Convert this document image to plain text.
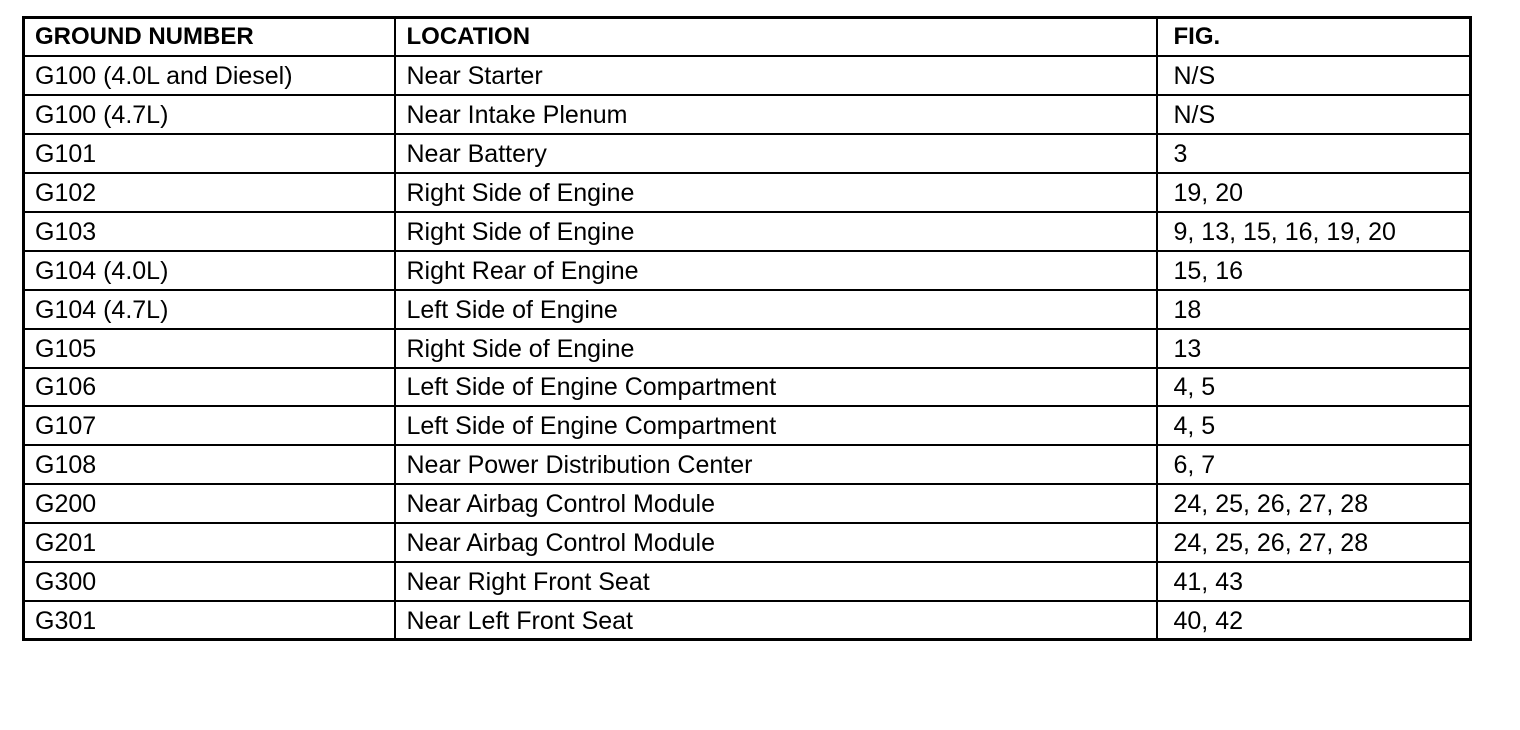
GROUND NUMBER	LOCATION	FIG.
G100 (4.0L and Diesel)	Near Starter	N/S
G100 (4.7L)	Near Intake Plenum	N/S
G101	Near Battery	3
G102	Right Side of Engine	19, 20
G103	Right Side of Engine	9, 13, 15, 16, 19, 20
G104 (4.0L)	Right Rear of Engine	15, 16
G104 (4.7L)	Left Side of Engine	18
G105	Right Side of Engine	13
G106	Left Side of Engine Compartment	4, 5
G107	Left Side of Engine Compartment	4, 5
G108	Near Power Distribution Center	6, 7
G200	Near Airbag Control Module	24, 25, 26, 27, 28
G201	Near Airbag Control Module	24, 25, 26, 27, 28
G300	Near Right Front Seat	41, 43
G301	Near Left Front Seat	40, 42
